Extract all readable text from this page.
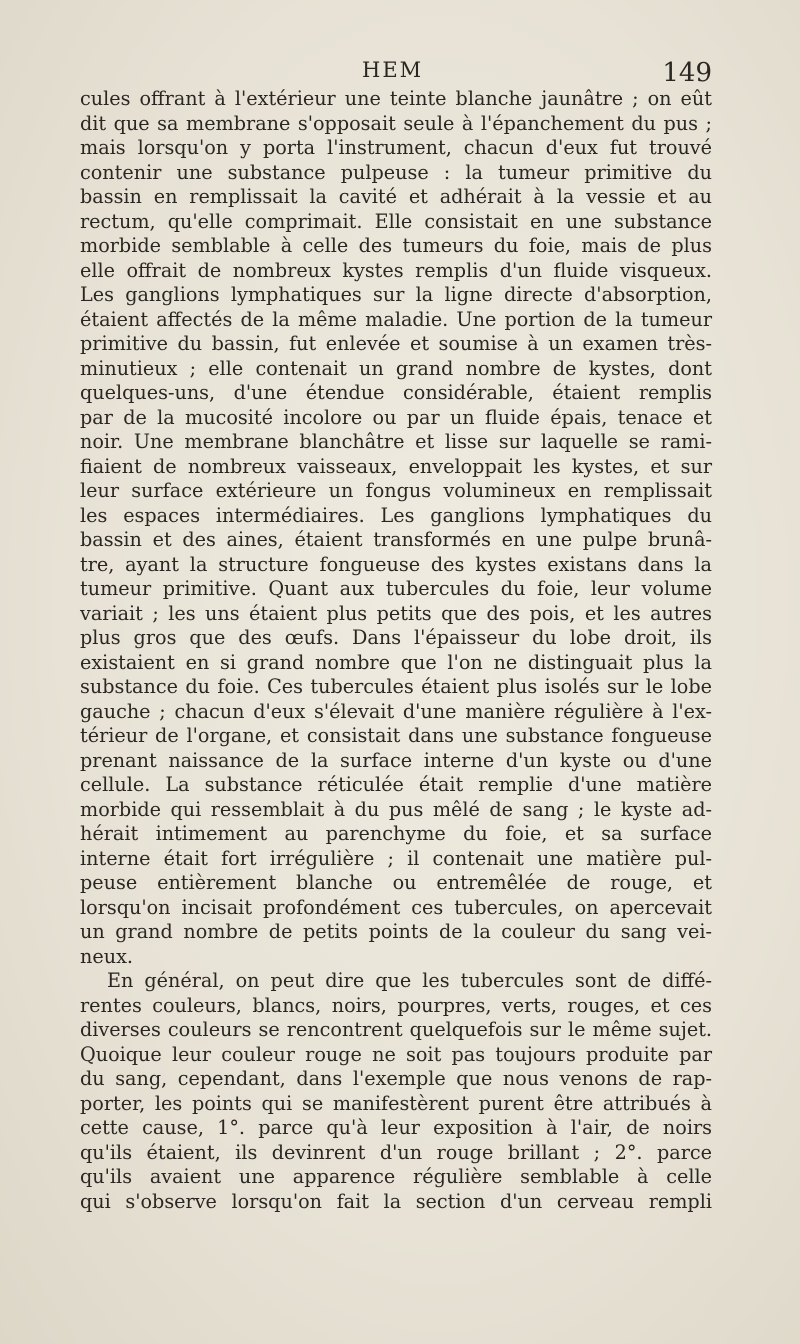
HEM	149
cules offrant à l'extérieur une teinte blanche jaunâtre ; on eût
dit que sa membrane s'opposait seule à l'épanchement du pus ;
mais lorsqu'on y porta l'instrument, chacun d'eux fut trouvé
contenir une substance pulpeuse : la tumeur primitive du
bassin en remplissait la cavité et adhérait à la vessie et au
rectum, qu'elle comprimait. Elle consistait en une substance
morbide semblable à celle des tumeurs du foie, mais de plus
elle offrait de nombreux kystes remplis d'un fluide visqueux.
Les ganglions lymphatiques sur la ligne directe d'absorption,
étaient affectés de la même maladie. Une portion de la tumeur
primitive du bassin, fut enlevée et soumise à un examen très-
minutieux ; elle contenait un grand nombre de kystes, dont
quelques-uns, d'une étendue considérable, étaient remplis
par de la mucosité incolore ou par un fluide épais, tenace et
noir. Une membrane blanchâtre et lisse sur laquelle se rami-
fiaient de nombreux vaisseaux, enveloppait les kystes, et sur
leur surface extérieure un fongus volumineux en remplissait
les espaces intermédiaires. Les ganglions lymphatiques du
bassin et des aines, étaient transformés en une pulpe brunâ-
tre, ayant la structure fongueuse des kystes existans dans la
tumeur primitive. Quant aux tubercules du foie, leur volume
variait ; les uns étaient plus petits que des pois, et les autres
plus gros que des œufs. Dans l'épaisseur du lobe droit, ils
existaient en si grand nombre que l'on ne distinguait plus la
substance du foie. Ces tubercules étaient plus isolés sur le lobe
gauche ; chacun d'eux s'élevait d'une manière régulière à l'ex-
térieur de l'organe, et consistait dans une substance fongueuse
prenant naissance de la surface interne d'un kyste ou d'une
cellule. La substance réticulée était remplie d'une matière
morbide qui ressemblait à du pus mêlé de sang ; le kyste ad-
hérait intimement au parenchyme du foie, et sa surface
interne était fort irrégulière ; il contenait une matière pul-
peuse entièrement blanche ou entremêlée de rouge, et
lorsqu'on incisait profondément ces tubercules, on apercevait
un grand nombre de petits points de la couleur du sang vei-
neux.
En général, on peut dire que les tubercules sont de diffé-
rentes couleurs, blancs, noirs, pourpres, verts, rouges, et ces
diverses couleurs se rencontrent quelquefois sur le même sujet.
Quoique leur couleur rouge ne soit pas toujours produite par
du sang, cependant, dans l'exemple que nous venons de rap-
porter, les points qui se manifestèrent purent être attribués à
cette cause, 1°. parce qu'à leur exposition à l'air, de noirs
qu'ils étaient, ils devinrent d'un rouge brillant ; 2°. parce
qu'ils avaient une apparence régulière semblable à celle
qui s'observe lorsqu'on fait la section d'un cerveau rempli
